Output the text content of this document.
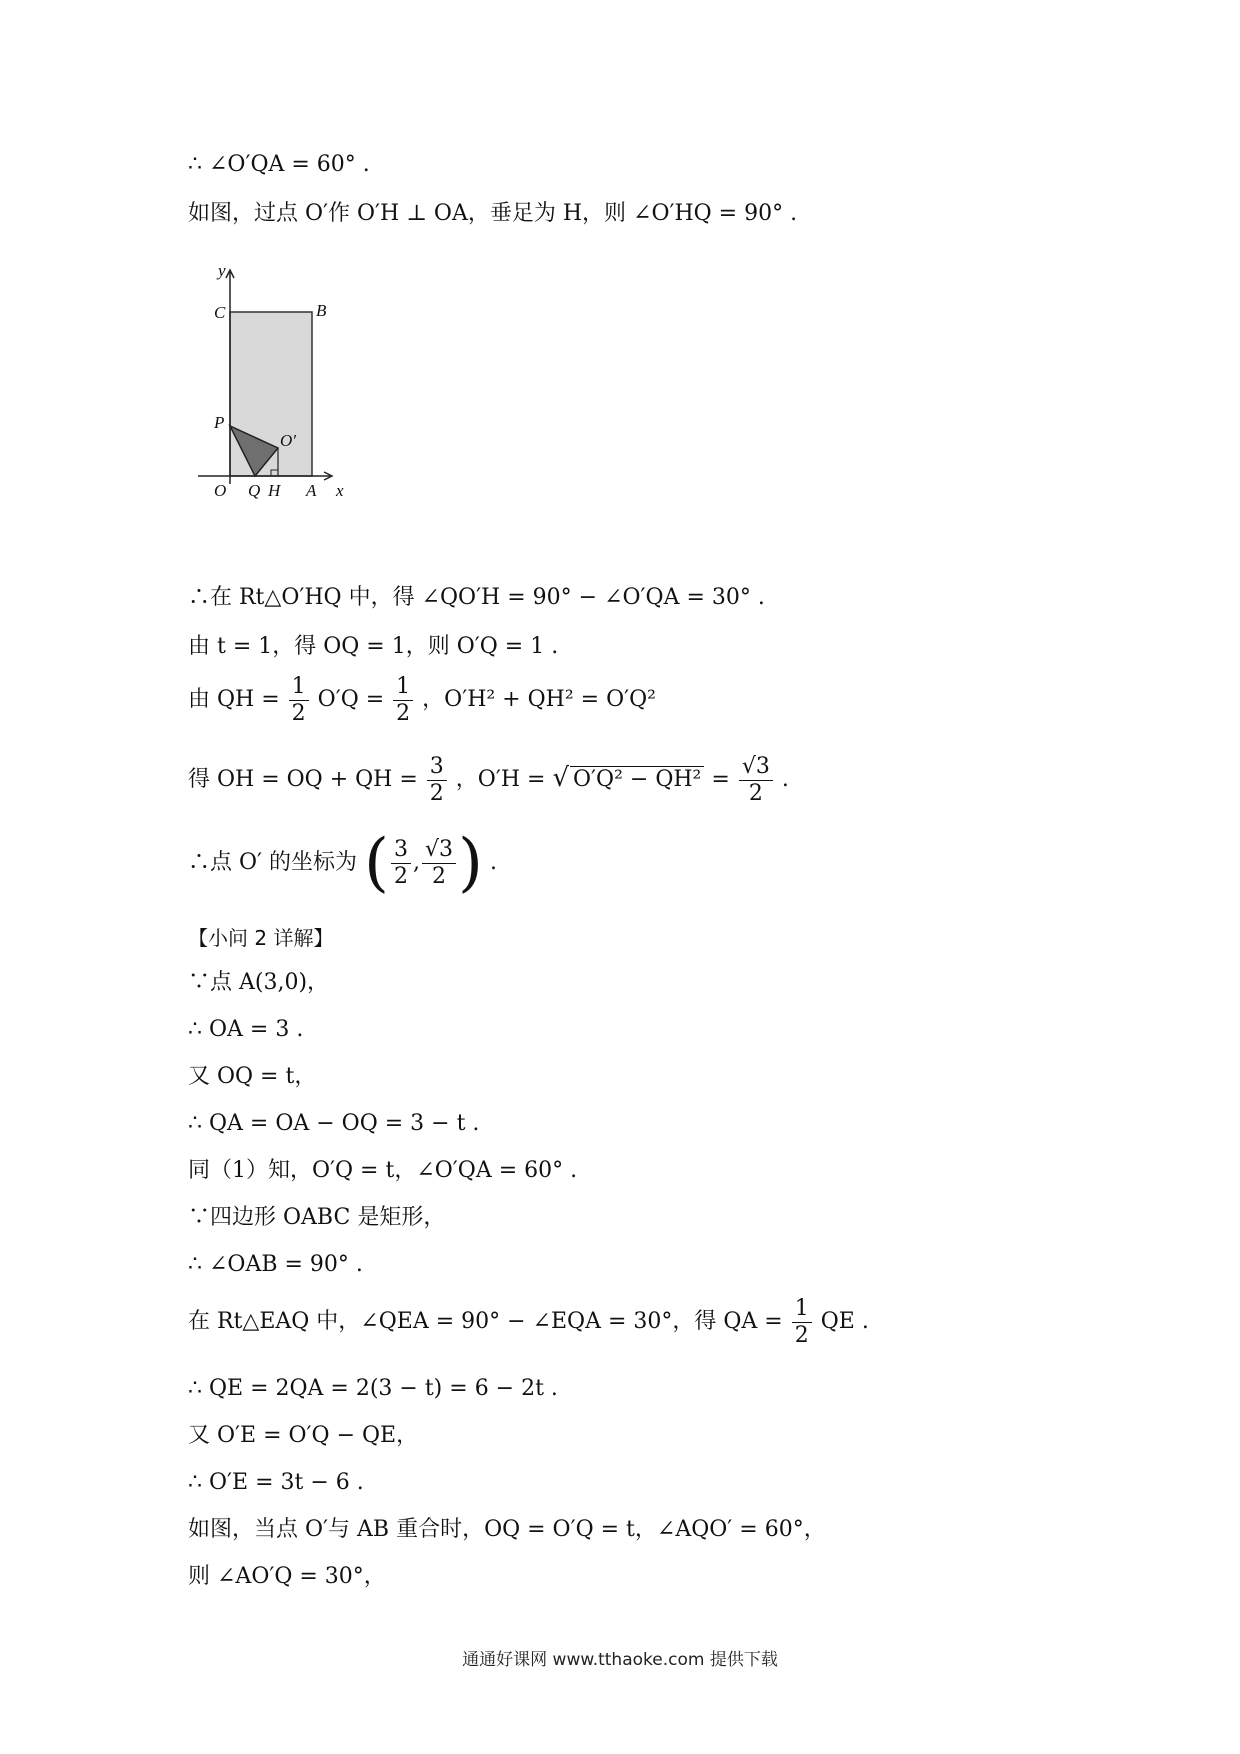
∴ ∠O′QA = 60° .
如图，过点 O′作 O′H ⊥ OA，垂足为 H，则 ∠O′HQ = 90° .
y
C	B
P
O′
O Q H A x
∴在 Rt△O′HQ 中，得 ∠QO′H = 90° − ∠O′QA = 30° .
由 t = 1，得 OQ = 1，则 O′Q = 1 .
由 QH = $\frac{1}{2} O'Q = \frac{1}{2}$ ，O′H² + QH² = O′Q²
得 OH = OQ + QH = $\frac{3}{2}$ ，O′H = √ $O'Q^2 - QH^2 = \frac{√3}{2}$ .
∴点 O′ 的坐标为 ( $\frac{3}{2}$ , $\frac{√3}{2}$ ) .
【小问 2 详解】
∵点 A(3,0)，
∴ OA = 3 .
又 OQ = t，
∴ QA = OA − OQ = 3 − t .
同（1）知，O′Q = t，∠O′QA = 60° .
∵四边形 OABC 是矩形，
∴ ∠OAB = 90° .
在 Rt△EAQ 中，∠QEA = 90° − ∠EQA = 30°，得 QA = $\frac{1}{2}$ QE .
∴ QE = 2QA = 2(3 − t) = 6 − 2t .
又 O′E = O′Q − QE，
∴ O′E = 3t − 6 .
如图，当点 O′与 AB 重合时，OQ = O′Q = t，∠AQO′ = 60°，
则 ∠AO′Q = 30°，
通通好课网 www.tthaoke.com 提供下载
